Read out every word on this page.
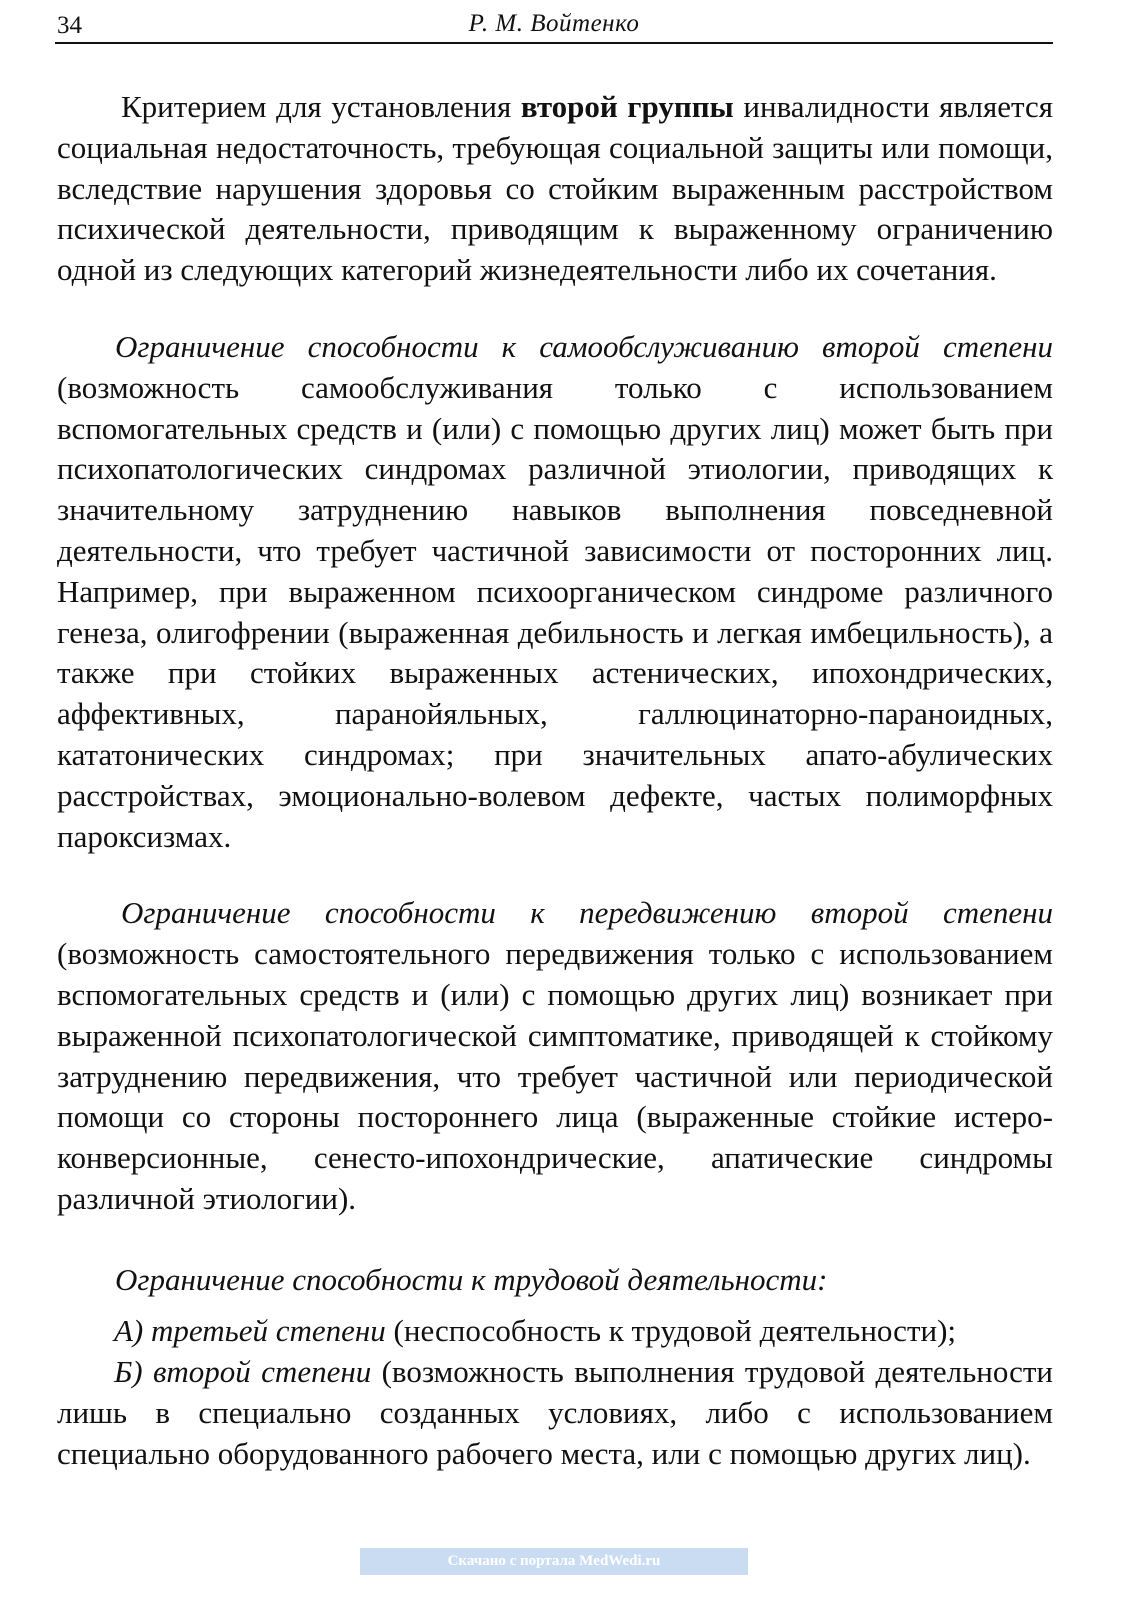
34	Р. М. Войтенко

Критерием для установления второй группы инвалидности является социальная недостаточность, требующая социальной защиты или помощи, вследствие нарушения здоровья со стойким выраженным расстройством психической деятельности, приводящим к выраженному ограничению одной из следующих категорий жизнедеятельности либо их сочетания.

Ограничение способности к самообслуживанию второй степени (возможность самообслуживания только с использованием вспомогательных средств и (или) с помощью других лиц) может быть при психопатологических синдромах различной этиологии, приводящих к значительному затруднению навыков выполнения повседневной деятельности, что требует частичной зависимости от посторонних лиц. Например, при выраженном психоорганическом синдроме различного генеза, олигофрении (выраженная дебильность и легкая имбецильность), а также при стойких выраженных астенических, ипохондрических, аффективных, паранойяльных, галлюцинаторно-параноидных, кататонических синдромах; при значительных апато-абулических расстройствах, эмоционально-волевом дефекте, частых полиморфных пароксизмах.

Ограничение способности к передвижению второй степени (возможность самостоятельного передвижения только с использованием вспомогательных средств и (или) с помощью других лиц) возникает при выраженной психопатологической симптоматике, приводящей к стойкому затруднению передвижения, что требует частичной или периодической помощи со стороны постороннего лица (выраженные стойкие истеро-конверсионные, сенесто-ипохондрические, апатические синдромы различной этиологии).

Ограничение способности к трудовой деятельности:

А) третьей степени (неспособность к трудовой деятельности);

Б) второй степени (возможность выполнения трудовой деятельности лишь в специально созданных условиях, либо с использованием специально оборудованного рабочего места, или с помощью других лиц).

Скачано с портала MedWedi.ru
